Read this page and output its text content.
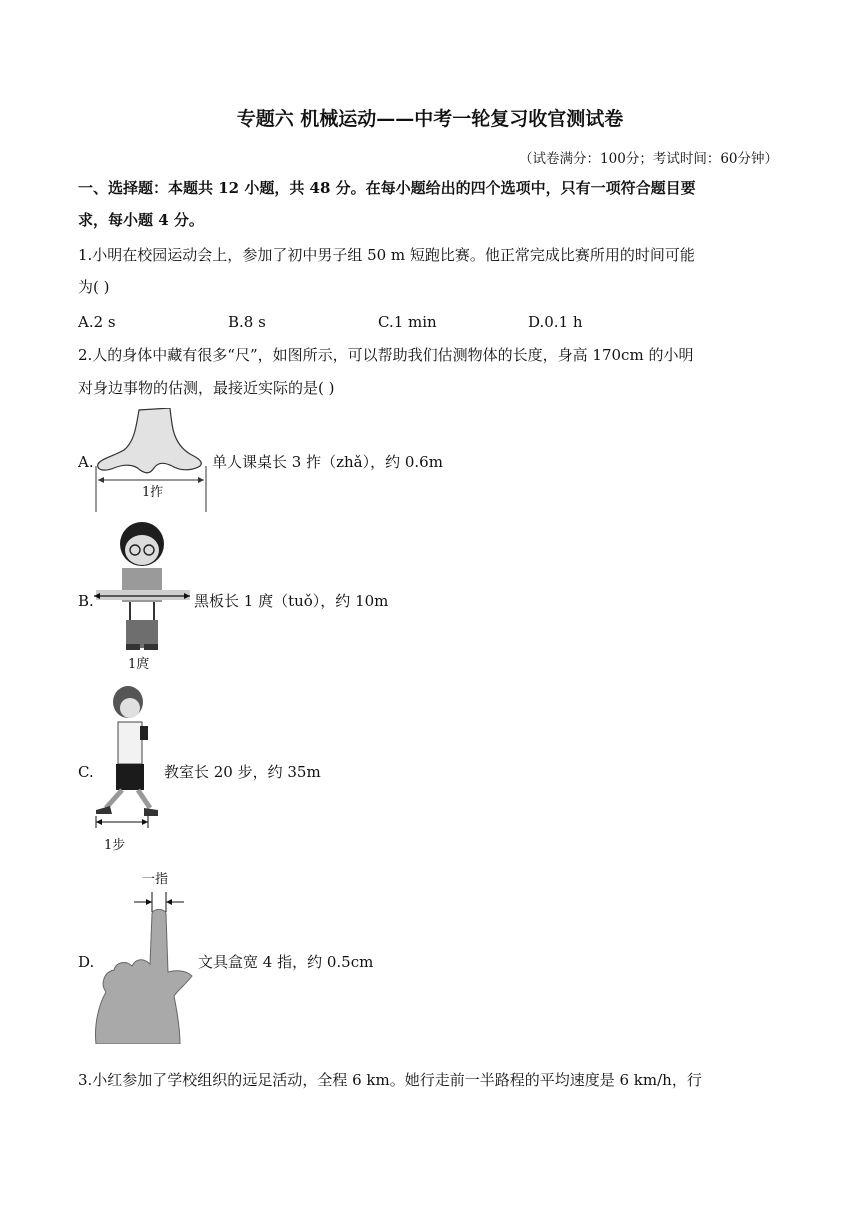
专题六 机械运动——中考一轮复习收官测试卷
（试卷满分：100分；考试时间：60分钟）
一、选择题：本题共 12 小题，共 48 分。在每小题给出的四个选项中，只有一项符合题目要
求，每小题 4 分。
1.小明在校园运动会上，参加了初中男子组 50 m 短跑比赛。他正常完成比赛所用的时间可能
为( )
A.2 s	B.8 s	C.1 min	D.0.1 h
2.人的身体中藏有很多“尺”，如图所示，可以帮助我们估测物体的长度，身高 170cm 的小明
对身边事物的估测，最接近实际的是( )
A.
1拃
单人课桌长 3 拃（zhǎ），约 0.6m
B.
1庹
黑板长 1 庹（tuǒ），约 10m
C.
1步
教室长 20 步，约 35m
D.
一指
文具盒宽 4 指，约 0.5cm
3.小红参加了学校组织的远足活动，全程 6 km。她行走前一半路程的平均速度是 6 km/h，行
